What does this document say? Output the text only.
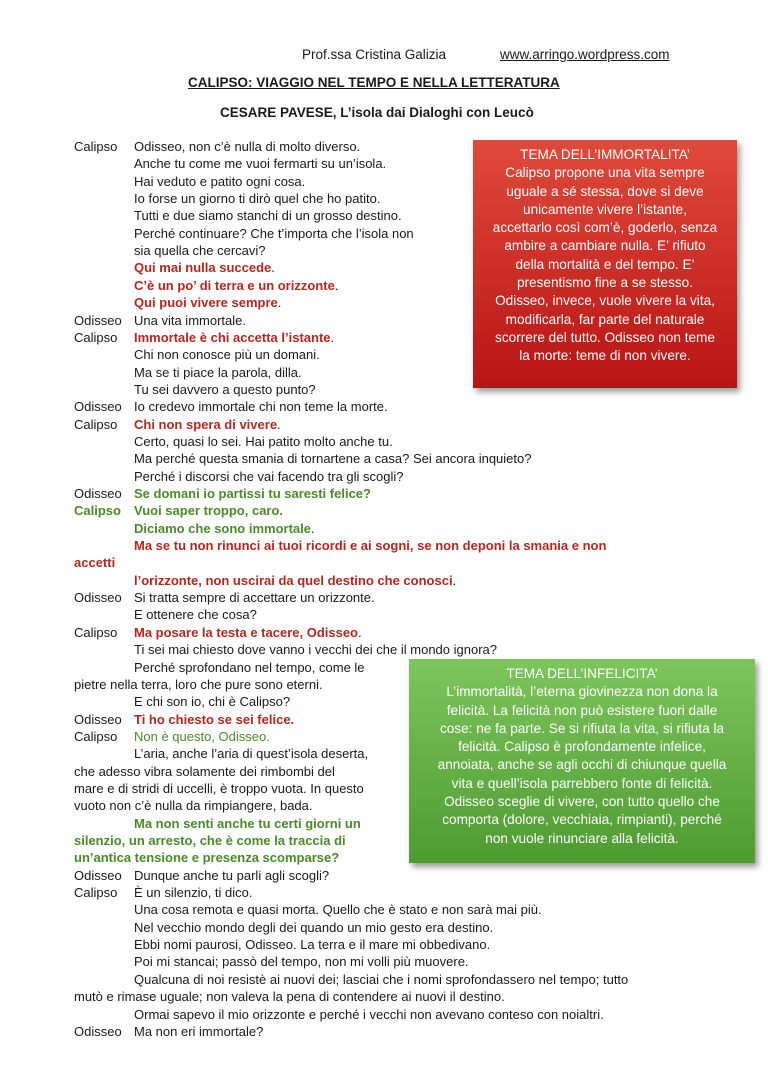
Prof.ssa Cristina Galizia	www.arringo.wordpress.com
CALIPSO: VIAGGIO NEL TEMPO E NELLA LETTERATURA
CESARE PAVESE, L’isola dai Dialoghi con Leucò
Calipso Odisseo, non c’è nulla di molto diverso.
Anche tu come me vuoi fermarti su un’isola.
Hai veduto e patito ogni cosa.
Io forse un giorno ti dirò quel che ho patito.
Tutti e due siamo stanchi di un grosso destino.
Perché continuare? Che t’importa che l’isola non
sia quella che cercavi?
Qui mai nulla succede.
C’è un po’ di terra e un orizzonte.
Qui puoi vivere sempre.
Odisseo Una vita immortale.
Calipso Immortale è chi accetta l’istante.
Chi non conosce più un domani.
Ma se ti piace la parola, dilla.
Tu sei davvero a questo punto?
Odisseo Io credevo immortale chi non teme la morte.
Calipso Chi non spera di vivere.
Certo, quasi lo sei. Hai patito molto anche tu.
Ma perché questa smania di tornartene a casa? Sei ancora inquieto?
Perché i discorsi che vai facendo tra gli scogli?
Odisseo Se domani io partissi tu saresti felice?
Calipso Vuoi saper troppo, caro.
Diciamo che sono immortale.
Ma se tu non rinunci ai tuoi ricordi e ai sogni, se non deponi la smania e non
accetti
l’orizzonte, non uscirai da quel destino che conosci.
Odisseo Si tratta sempre di accettare un orizzonte.
E ottenere che cosa?
Calipso Ma posare la testa e tacere, Odisseo.
Ti sei mai chiesto dove vanno i vecchi dei che il mondo ignora?
Perché sprofondano nel tempo, come le
pietre nella terra, loro che pure sono eterni.
E chi son io, chi è Calipso?
Odisseo Ti ho chiesto se sei felice.
Calipso Non è questo, Odisseo.
L’aria, anche l’aria di quest’isola deserta,
che adesso vibra solamente dei rimbombi del
mare e di stridi di uccelli, è troppo vuota. In questo
vuoto non c’è nulla da rimpiangere, bada.
Ma non senti anche tu certi giorni un
silenzio, un arresto, che è come la traccia di
un’antica tensione e presenza scomparse?
Odisseo Dunque anche tu parli agli scogli?
Calipso È un silenzio, ti dico.
Una cosa remota e quasi morta. Quello che è stato e non sarà mai più.
Nel vecchio mondo degli dei quando un mio gesto era destino.
Ebbi nomi paurosi, Odisseo. La terra e il mare mi obbedivano.
Poi mi stancai; passò del tempo, non mi volli più muovere.
Qualcuna di noi resistè ai nuovi dei; lasciai che i nomi sprofondassero nel tempo; tutto
mutò e rimase uguale; non valeva la pena di contendere ai nuovi il destino.
Ormai sapevo il mio orizzonte e perché i vecchi non avevano conteso con noialtri.
Odisseo Ma non eri immortale?
TEMA DELL’IMMORTALITA’
Calipso propone una vita sempre
uguale a sé stessa, dove si deve
unicamente vivere l’istante,
accettarlo così com’è, goderlo, senza
ambire a cambiare nulla. E’ rifiuto
della mortalità e del tempo. E’
presentismo fine a se stesso.
Odisseo, invece, vuole vivere la vita,
modificarla, far parte del naturale
scorrere del tutto. Odisseo non teme
la morte: teme di non vivere.
TEMA DELL’INFELICITA’
L’immortalità, l’eterna giovinezza non dona la
felicità. La felicità non può esistere fuori dalle
cose: ne fa parte. Se si rifiuta la vita, si rifiuta la
felicità. Calipso è profondamente infelice,
annoiata, anche se agli occhi di chiunque quella
vita e quell’isola parrebbero fonte di felicità.
Odisseo sceglie di vivere, con tutto quello che
comporta (dolore, vecchiaia, rimpianti), perché
non vuole rinunciare alla felicità.
